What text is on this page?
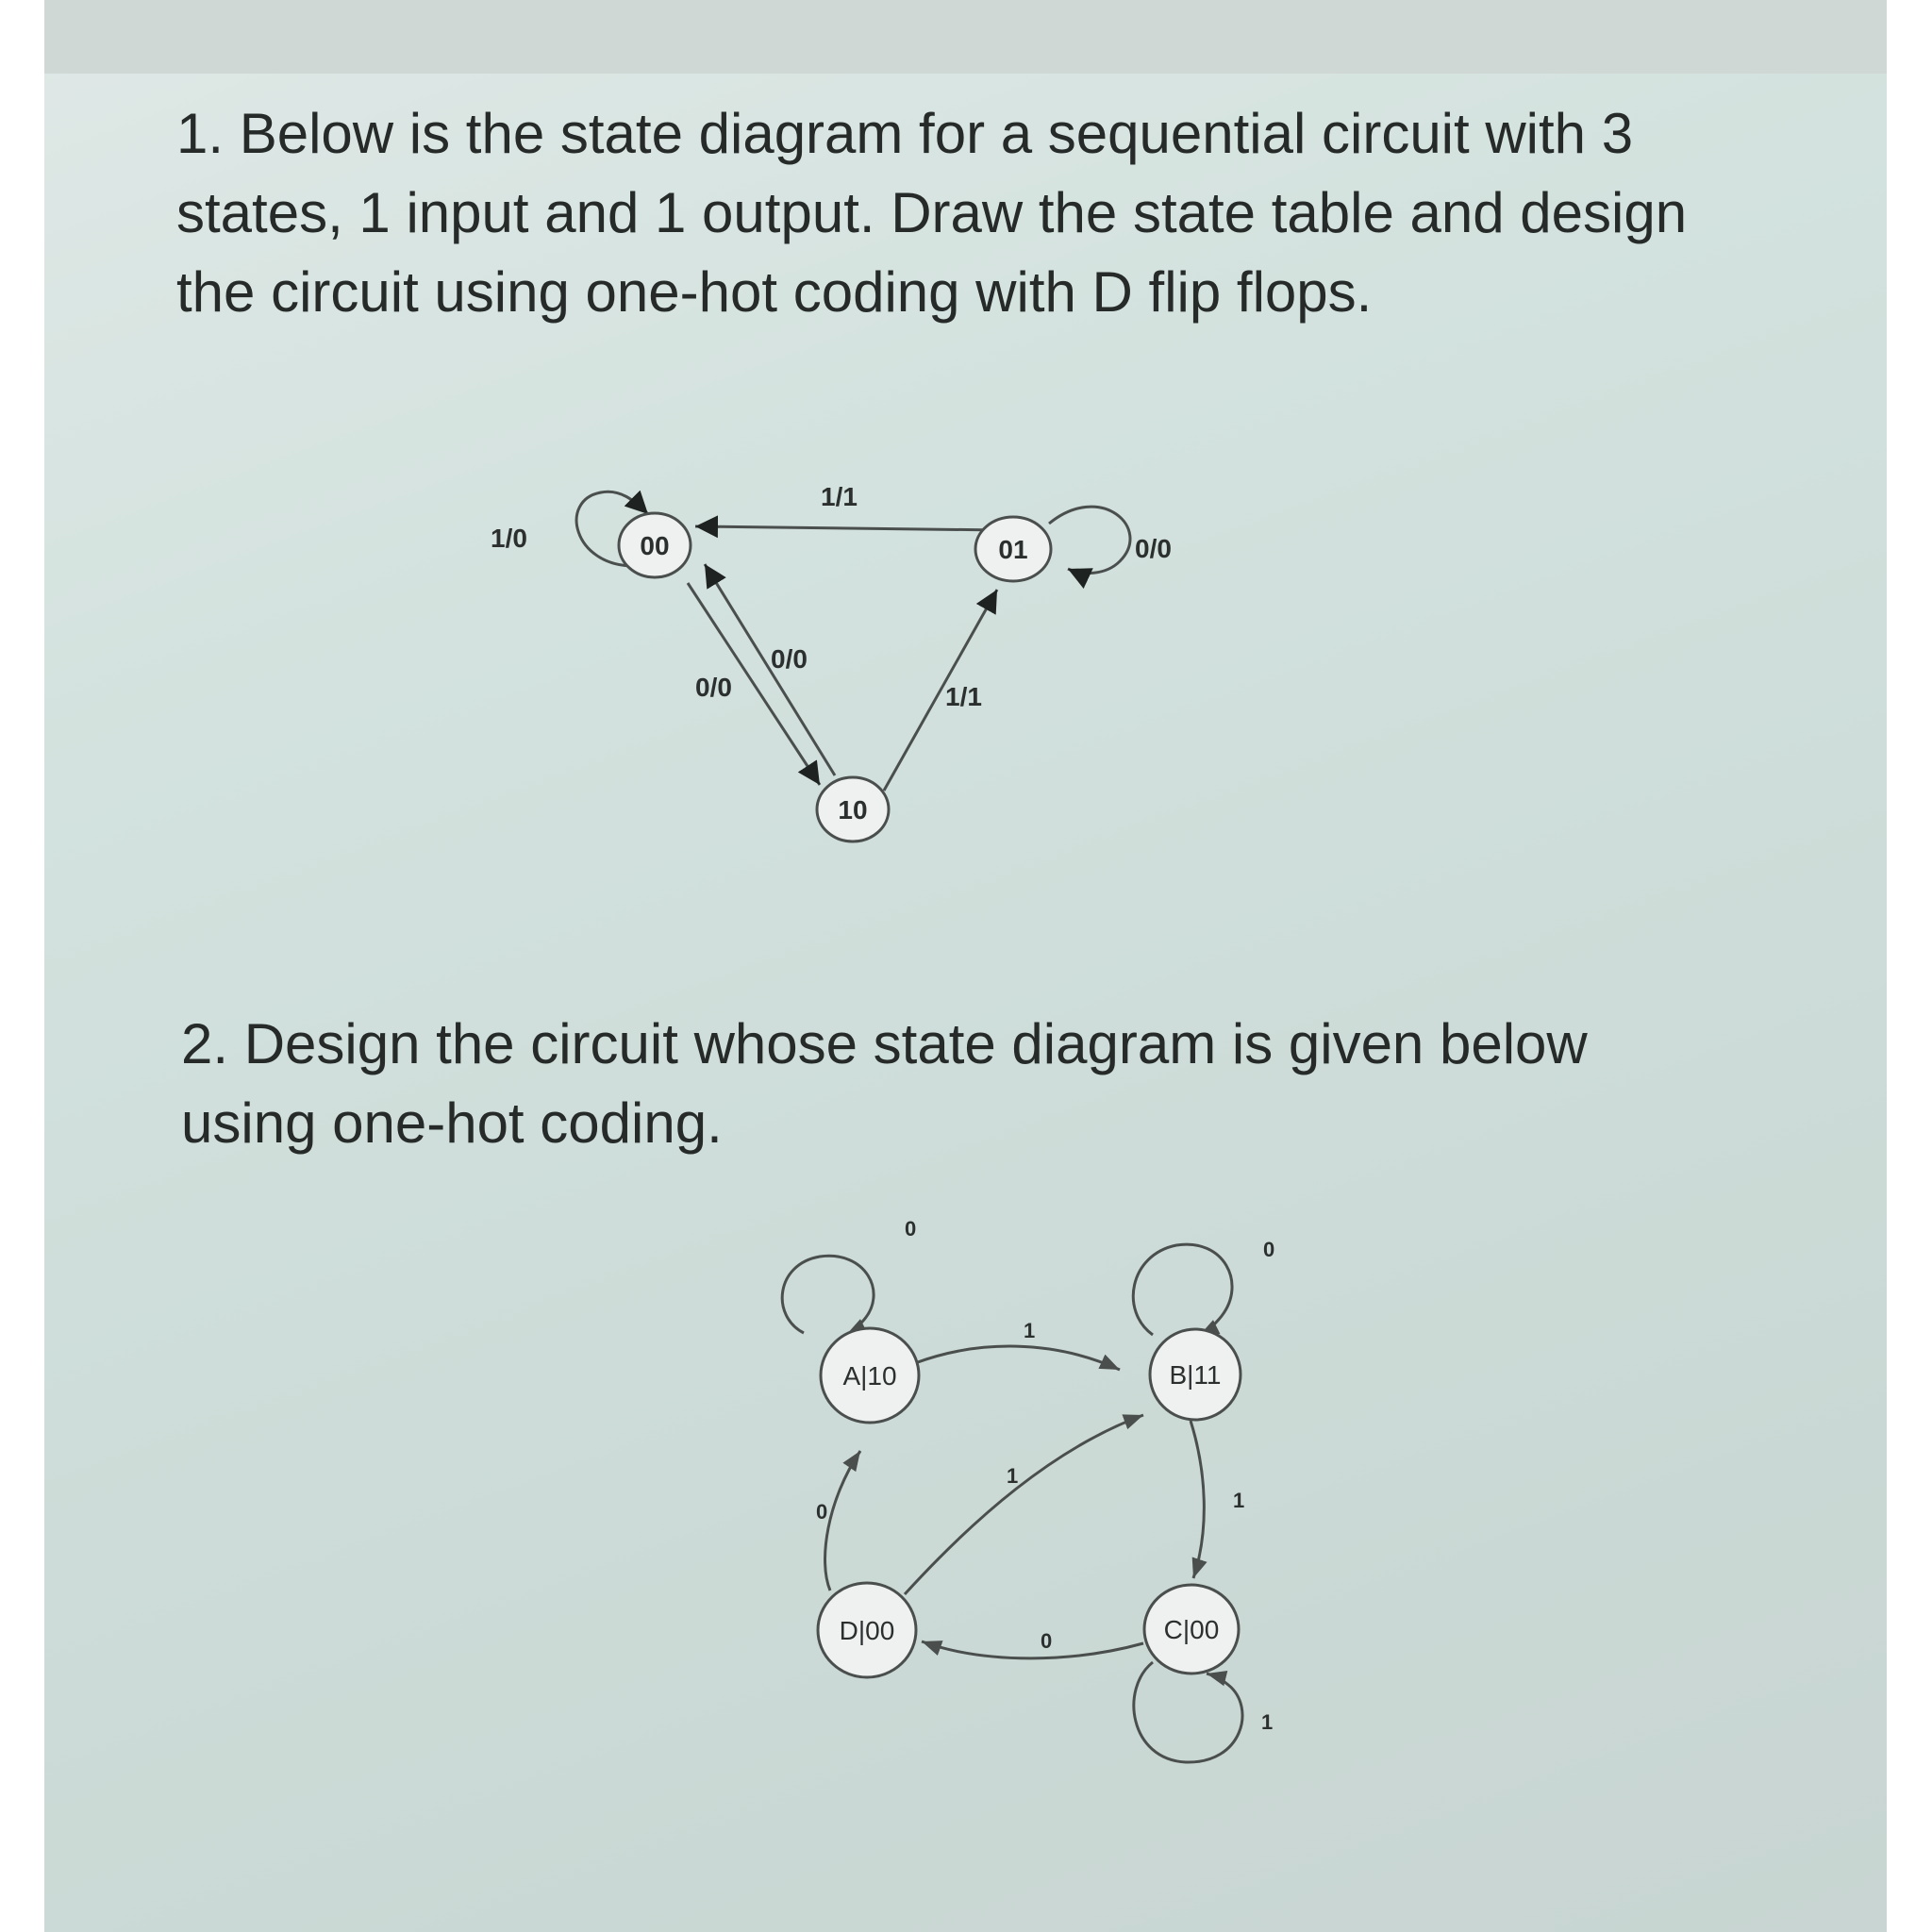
1. Below is the state diagram for a sequential circuit with 3 states, 1 input and 1 output. Draw the state table and design the circuit using one-hot coding with D flip flops.

00	01
10
1/0
1/1
0/0
0/0
0/0	1/1
A|10	B|11
C|00
D|00
0
0
1
1
1
0
0
1

2. Design the circuit whose state diagram is given below using one-hot coding.
